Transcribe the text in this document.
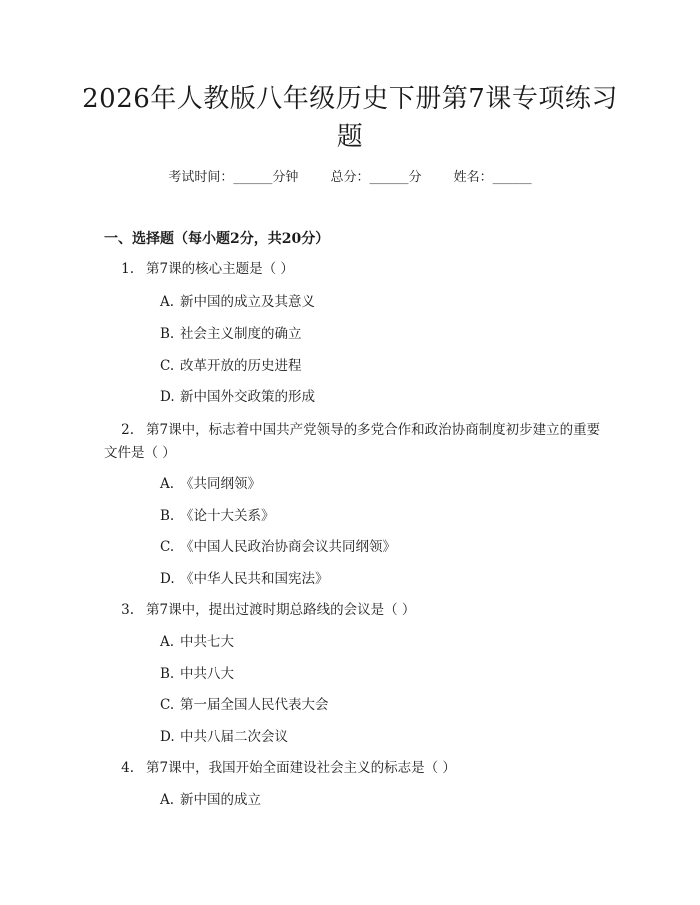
2026年人教版八年级历史下册第7课专项练习题
考试时间：______分钟 总分：______分 姓名：______
一、选择题（每小题2分，共20分）
1. 第7课的核心主题是（ ）
A. 新中国的成立及其意义
B. 社会主义制度的确立
C. 改革开放的历史进程
D. 新中国外交政策的形成
2. 第7课中，标志着中国共产党领导的多党合作和政治协商制度初步建立的重要文件是（ ）
A. 《共同纲领》
B. 《论十大关系》
C. 《中国人民政治协商会议共同纲领》
D. 《中华人民共和国宪法》
3. 第7课中，提出过渡时期总路线的会议是（ ）
A. 中共七大
B. 中共八大
C. 第一届全国人民代表大会
D. 中共八届二次会议
4. 第7课中，我国开始全面建设社会主义的标志是（ ）
A. 新中国的成立
